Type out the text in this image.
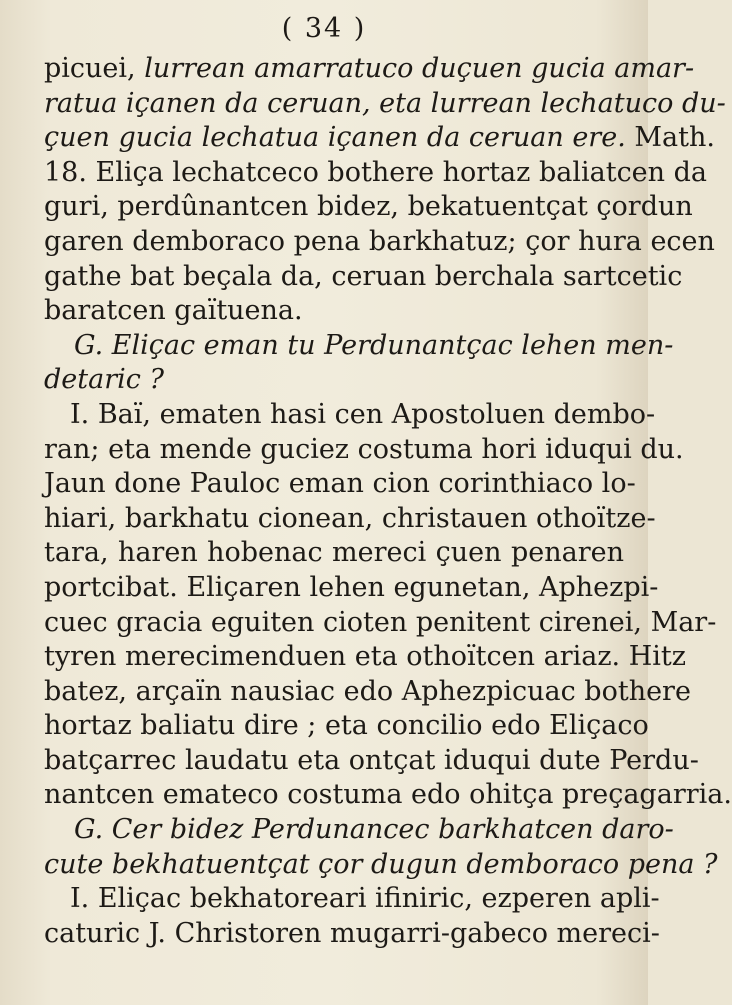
( 34 )
picuei, lurrean amarratuco duçuen gucia amar-
ratua içanen da ceruan, eta lurrean lechatuco du-
çuen gucia lechatua içanen da ceruan ere. Math.
18. Eliça lechatceco bothere hortaz baliatcen da
guri, perdûnantcen bidez, bekatuentçat çordun
garen demboraco pena barkhatuz; çor hura ecen
gathe bat beçala da, ceruan berchala sartcetic
baratcen gaïtuena.
G. Eliçac eman tu Perdunantçac lehen men-
detaric ?
I. Baï, ematen hasi cen Apostoluen dembo-
ran; eta mende guciez costuma hori iduqui du.
Jaun done Pauloc eman cion corinthiaco lo-
hiari, barkhatu cionean, christauen othoïtze-
tara, haren hobenac mereci çuen penaren
portcibat. Eliçaren lehen egunetan, Aphezpi-
cuec gracia eguiten cioten penitent cirenei, Mar-
tyren merecimenduen eta othoïtcen ariaz. Hitz
batez, arçaïn nausiac edo Aphezpicuac bothere
hortaz baliatu dire ; eta concilio edo Eliçaco
batçarrec laudatu eta ontçat iduqui dute Perdu-
nantcen emateco costuma edo ohitça preçagarria.
G. Cer bidez Perdunancec barkhatcen daro-
cute bekhatuentçat çor dugun demboraco pena ?
I. Eliçac bekhatoreari ifiniric, ezperen apli-
caturic J. Christoren mugarri-gabeco mereci-
